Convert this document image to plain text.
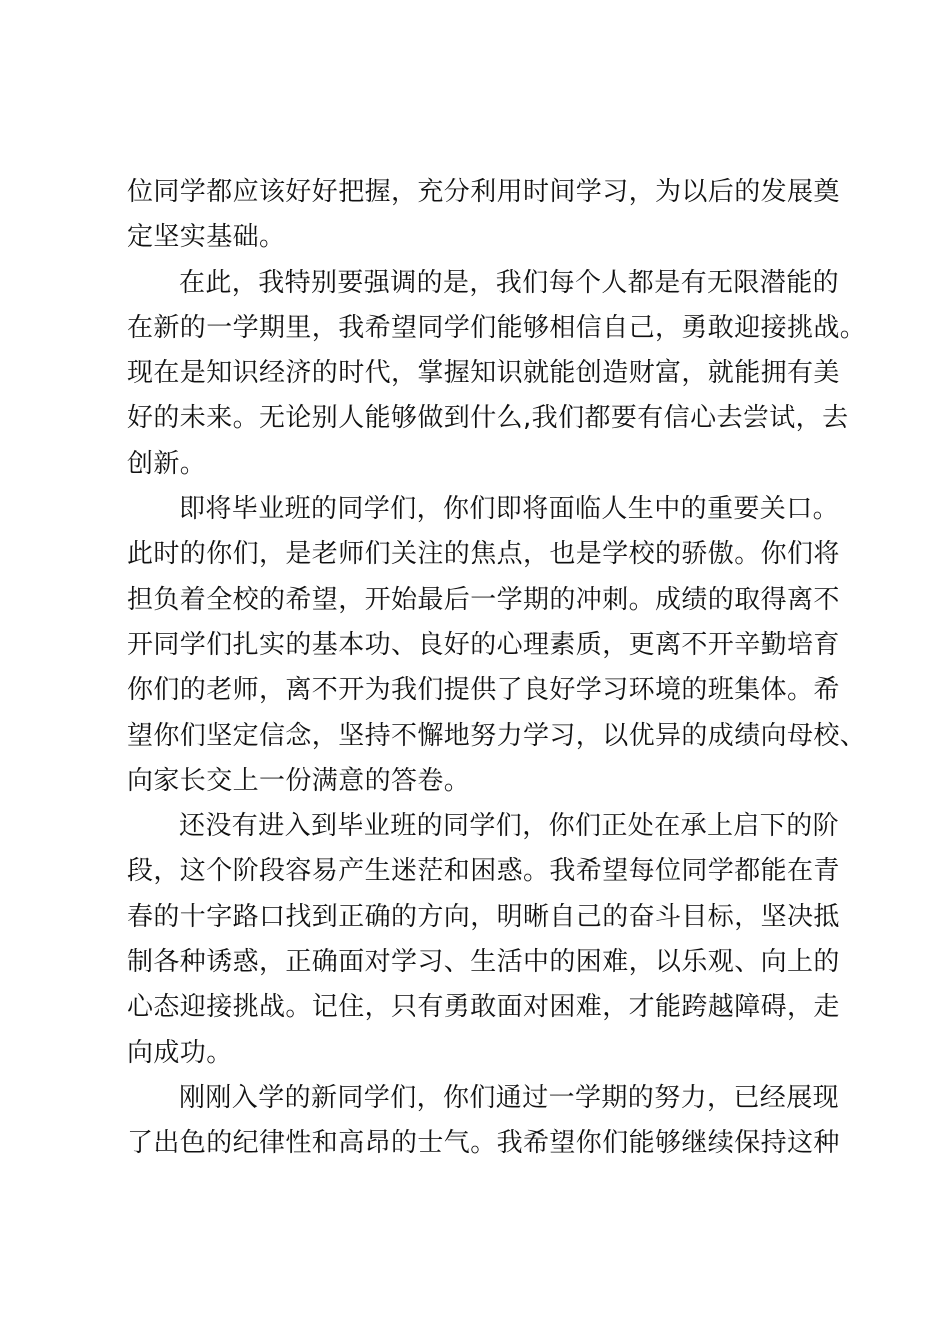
位同学都应该好好把握，充分利用时间学习，为以后的发展奠
定坚实基础。
在此，我特别要强调的是，我们每个人都是有无限潜能的
在新的一学期里，我希望同学们能够相信自己，勇敢迎接挑战。
现在是知识经济的时代，掌握知识就能创造财富，就能拥有美
好的未来。无论别人能够做到什么,我们都要有信心去尝试，去
创新。
即将毕业班的同学们，你们即将面临人生中的重要关口。
此时的你们，是老师们关注的焦点，也是学校的骄傲。你们将
担负着全校的希望，开始最后一学期的冲刺。成绩的取得离不
开同学们扎实的基本功、良好的心理素质，更离不开辛勤培育
你们的老师，离不开为我们提供了良好学习环境的班集体。希
望你们坚定信念，坚持不懈地努力学习，以优异的成绩向母校、
向家长交上一份满意的答卷。
还没有进入到毕业班的同学们，你们正处在承上启下的阶
段，这个阶段容易产生迷茫和困惑。我希望每位同学都能在青
春的十字路口找到正确的方向，明晰自己的奋斗目标，坚决抵
制各种诱惑，正确面对学习、生活中的困难，以乐观、向上的
心态迎接挑战。记住，只有勇敢面对困难，才能跨越障碍，走
向成功。
刚刚入学的新同学们，你们通过一学期的努力，已经展现
了出色的纪律性和高昂的士气。我希望你们能够继续保持这种
